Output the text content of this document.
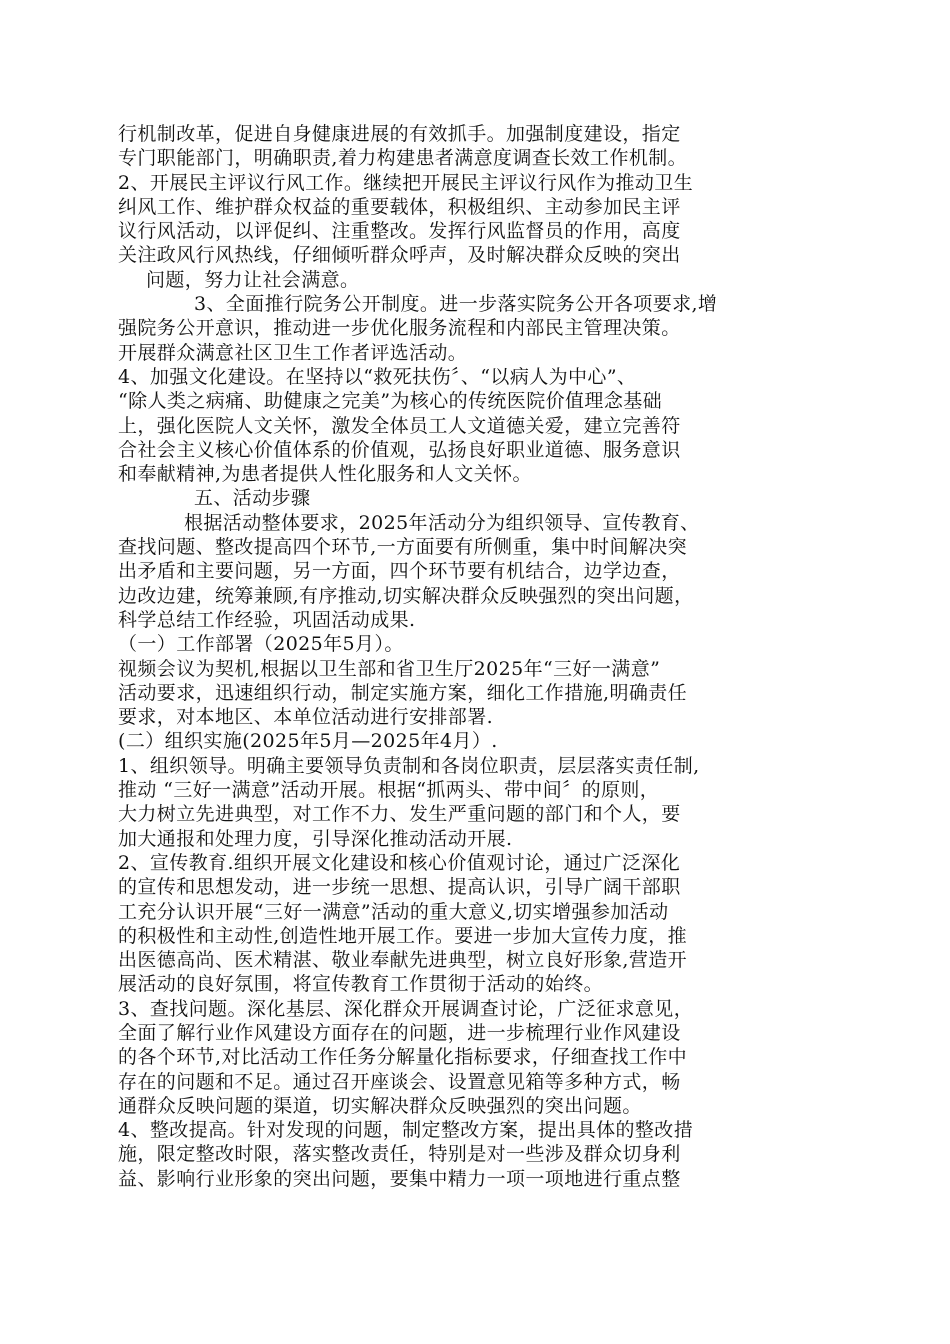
行机制改革，促进自身健康进展的有效抓手。加强制度建设，指定
专门职能部门，明确职责,着力构建患者满意度调查长效工作机制。
2、开展民主评议行风工作。继续把开展民主评议行风作为推动卫生
纠风工作、维护群众权益的重要载体，积极组织、主动参加民主评
议行风活动，以评促纠、注重整改。发挥行风监督员的作用，高度
关注政风行风热线，仔细倾听群众呼声，及时解决群众反映的突出
问题，努力让社会满意。
3、全面推行院务公开制度。进一步落实院务公开各项要求,增
强院务公开意识，推动进一步优化服务流程和内部民主管理决策。
开展群众满意社区卫生工作者评选活动。
4、加强文化建设。在坚持以“救死扶伤〞、“以病人为中心”、
“除人类之病痛、助健康之完美”为核心的传统医院价值理念基础
上，强化医院人文关怀，激发全体员工人文道德关爱，建立完善符
合社会主义核心价值体系的价值观，弘扬良好职业道德、服务意识
和奉献精神,为患者提供人性化服务和人文关怀。
五、活动步骤
根据活动整体要求，2025年活动分为组织领导、宣传教育、
查找问题、整改提高四个环节,一方面要有所侧重，集中时间解决突
出矛盾和主要问题，另一方面，四个环节要有机结合，边学边查，
边改边建，统筹兼顾,有序推动,切实解决群众反映强烈的突出问题，
科学总结工作经验，巩固活动成果.
（一）工作部署（2025年5月）。
视频会议为契机,根据以卫生部和省卫生厅2025年“三好一满意”
活动要求，迅速组织行动，制定实施方案，细化工作措施,明确责任
要求，对本地区、本单位活动进行安排部署.
(二）组织实施(2025年5月—2025年4月）.
1、组织领导。明确主要领导负责制和各岗位职责，层层落实责任制,
推动 “三好一满意”活动开展。根据“抓两头、带中间〞的原则，
大力树立先进典型，对工作不力、发生严重问题的部门和个人，要
加大通报和处理力度，引导深化推动活动开展.
2、宣传教育.组织开展文化建设和核心价值观讨论，通过广泛深化
的宣传和思想发动，进一步统一思想、提高认识，引导广阔干部职
工充分认识开展“三好一满意”活动的重大意义,切实增强参加活动
的积极性和主动性,创造性地开展工作。要进一步加大宣传力度，推
出医德高尚、医术精湛、敬业奉献先进典型，树立良好形象,营造开
展活动的良好氛围，将宣传教育工作贯彻于活动的始终。
3、查找问题。深化基层、深化群众开展调查讨论，广泛征求意见，
全面了解行业作风建设方面存在的问题，进一步梳理行业作风建设
的各个环节,对比活动工作任务分解量化指标要求，仔细查找工作中
存在的问题和不足。通过召开座谈会、设置意见箱等多种方式，畅
通群众反映问题的渠道，切实解决群众反映强烈的突出问题。
4、整改提高。针对发现的问题，制定整改方案，提出具体的整改措
施，限定整改时限，落实整改责任，特别是对一些涉及群众切身利
益、影响行业形象的突出问题，要集中精力一项一项地进行重点整
